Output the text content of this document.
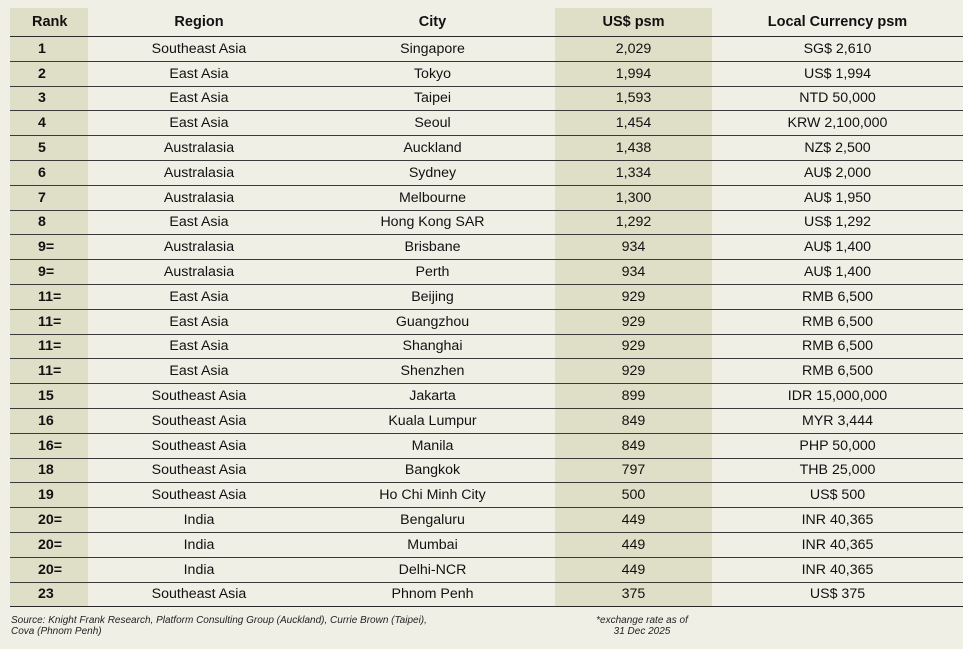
Rank	Region	City	US$ psm	Local Currency psm
1	Southeast Asia	Singapore	2,029	SG$ 2,610
2	East Asia	Tokyo	1,994	US$ 1,994
3	East Asia	Taipei	1,593	NTD 50,000
4	East Asia	Seoul	1,454	KRW 2,100,000
5	Australasia	Auckland	1,438	NZ$ 2,500
6	Australasia	Sydney	1,334	AU$ 2,000
7	Australasia	Melbourne	1,300	AU$ 1,950
8	East Asia	Hong Kong SAR	1,292	US$ 1,292
9=	Australasia	Brisbane	934	AU$ 1,400
9=	Australasia	Perth	934	AU$ 1,400
11=	East Asia	Beijing	929	RMB 6,500
11=	East Asia	Guangzhou	929	RMB 6,500
11=	East Asia	Shanghai	929	RMB 6,500
11=	East Asia	Shenzhen	929	RMB 6,500
15	Southeast Asia	Jakarta	899	IDR 15,000,000
16	Southeast Asia	Kuala Lumpur	849	MYR 3,444
16=	Southeast Asia	Manila	849	PHP 50,000
18	Southeast Asia	Bangkok	797	THB 25,000
19	Southeast Asia	Ho Chi Minh City	500	US$ 500
20=	India	Bengaluru	449	INR 40,365
20=	India	Mumbai	449	INR 40,365
20=	India	Delhi-NCR	449	INR 40,365
23	Southeast Asia	Phnom Penh	375	US$ 375
Source: Knight Frank Research, Platform Consulting Group (Auckland), Currie Brown (Taipei),
Cova (Phnom Penh)
*exchange rate as of
31 Dec 2025
